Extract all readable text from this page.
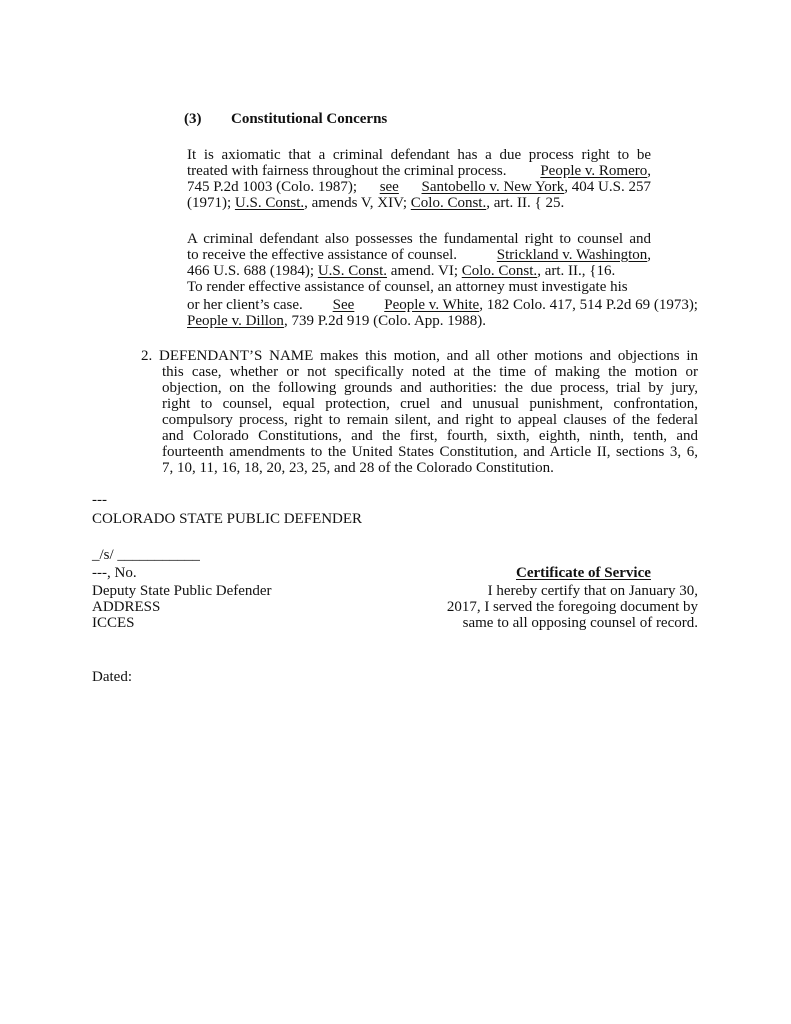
(3) Constitutional Concerns
It is axiomatic that a criminal defendant has a due process right to be
treated with fairness throughout the criminal process. People v. Romero,
745 P.2d 1003 (Colo. 1987); see Santobello v. New York, 404 U.S. 257
(1971); U.S. Const., amends V, XIV; Colo. Const., art. II. { 25.
A criminal defendant also possesses the fundamental right to counsel and
to receive the effective assistance of counsel.	Strickland v. Washington,
466 U.S. 688 (1984); U.S. Const. amend. VI; Colo. Const., art. II., {16.
To render effective assistance of counsel, an attorney must investigate his
or her client’s case. See People v. White, 182 Colo. 417, 514 P.2d 69 (1973);
People v. Dillon, 739 P.2d 919 (Colo. App. 1988).
2. DEFENDANT’S NAME makes this motion, and all other motions and objections in
this case, whether or not specifically noted at the time of making the motion or
objection, on the following grounds and authorities: the due process, trial by jury,
right to counsel, equal protection, cruel and unusual punishment, confrontation,
compulsory process, right to remain silent, and right to appeal clauses of the federal
and Colorado Constitutions, and the first, fourth, sixth, eighth, ninth, tenth, and
fourteenth amendments to the United States Constitution, and Article II, sections 3, 6,
7, 10, 11, 16, 18, 20, 23, 25, and 28 of the Colorado Constitution.
---
COLORADO STATE PUBLIC DEFENDER
_/s/ ___________
---, No.
Deputy State Public Defender
ADDRESS
ICCES
Dated:
Certificate of Service
I hereby certify that on January 30,
2017, I served the foregoing document by
same to all opposing counsel of record.
